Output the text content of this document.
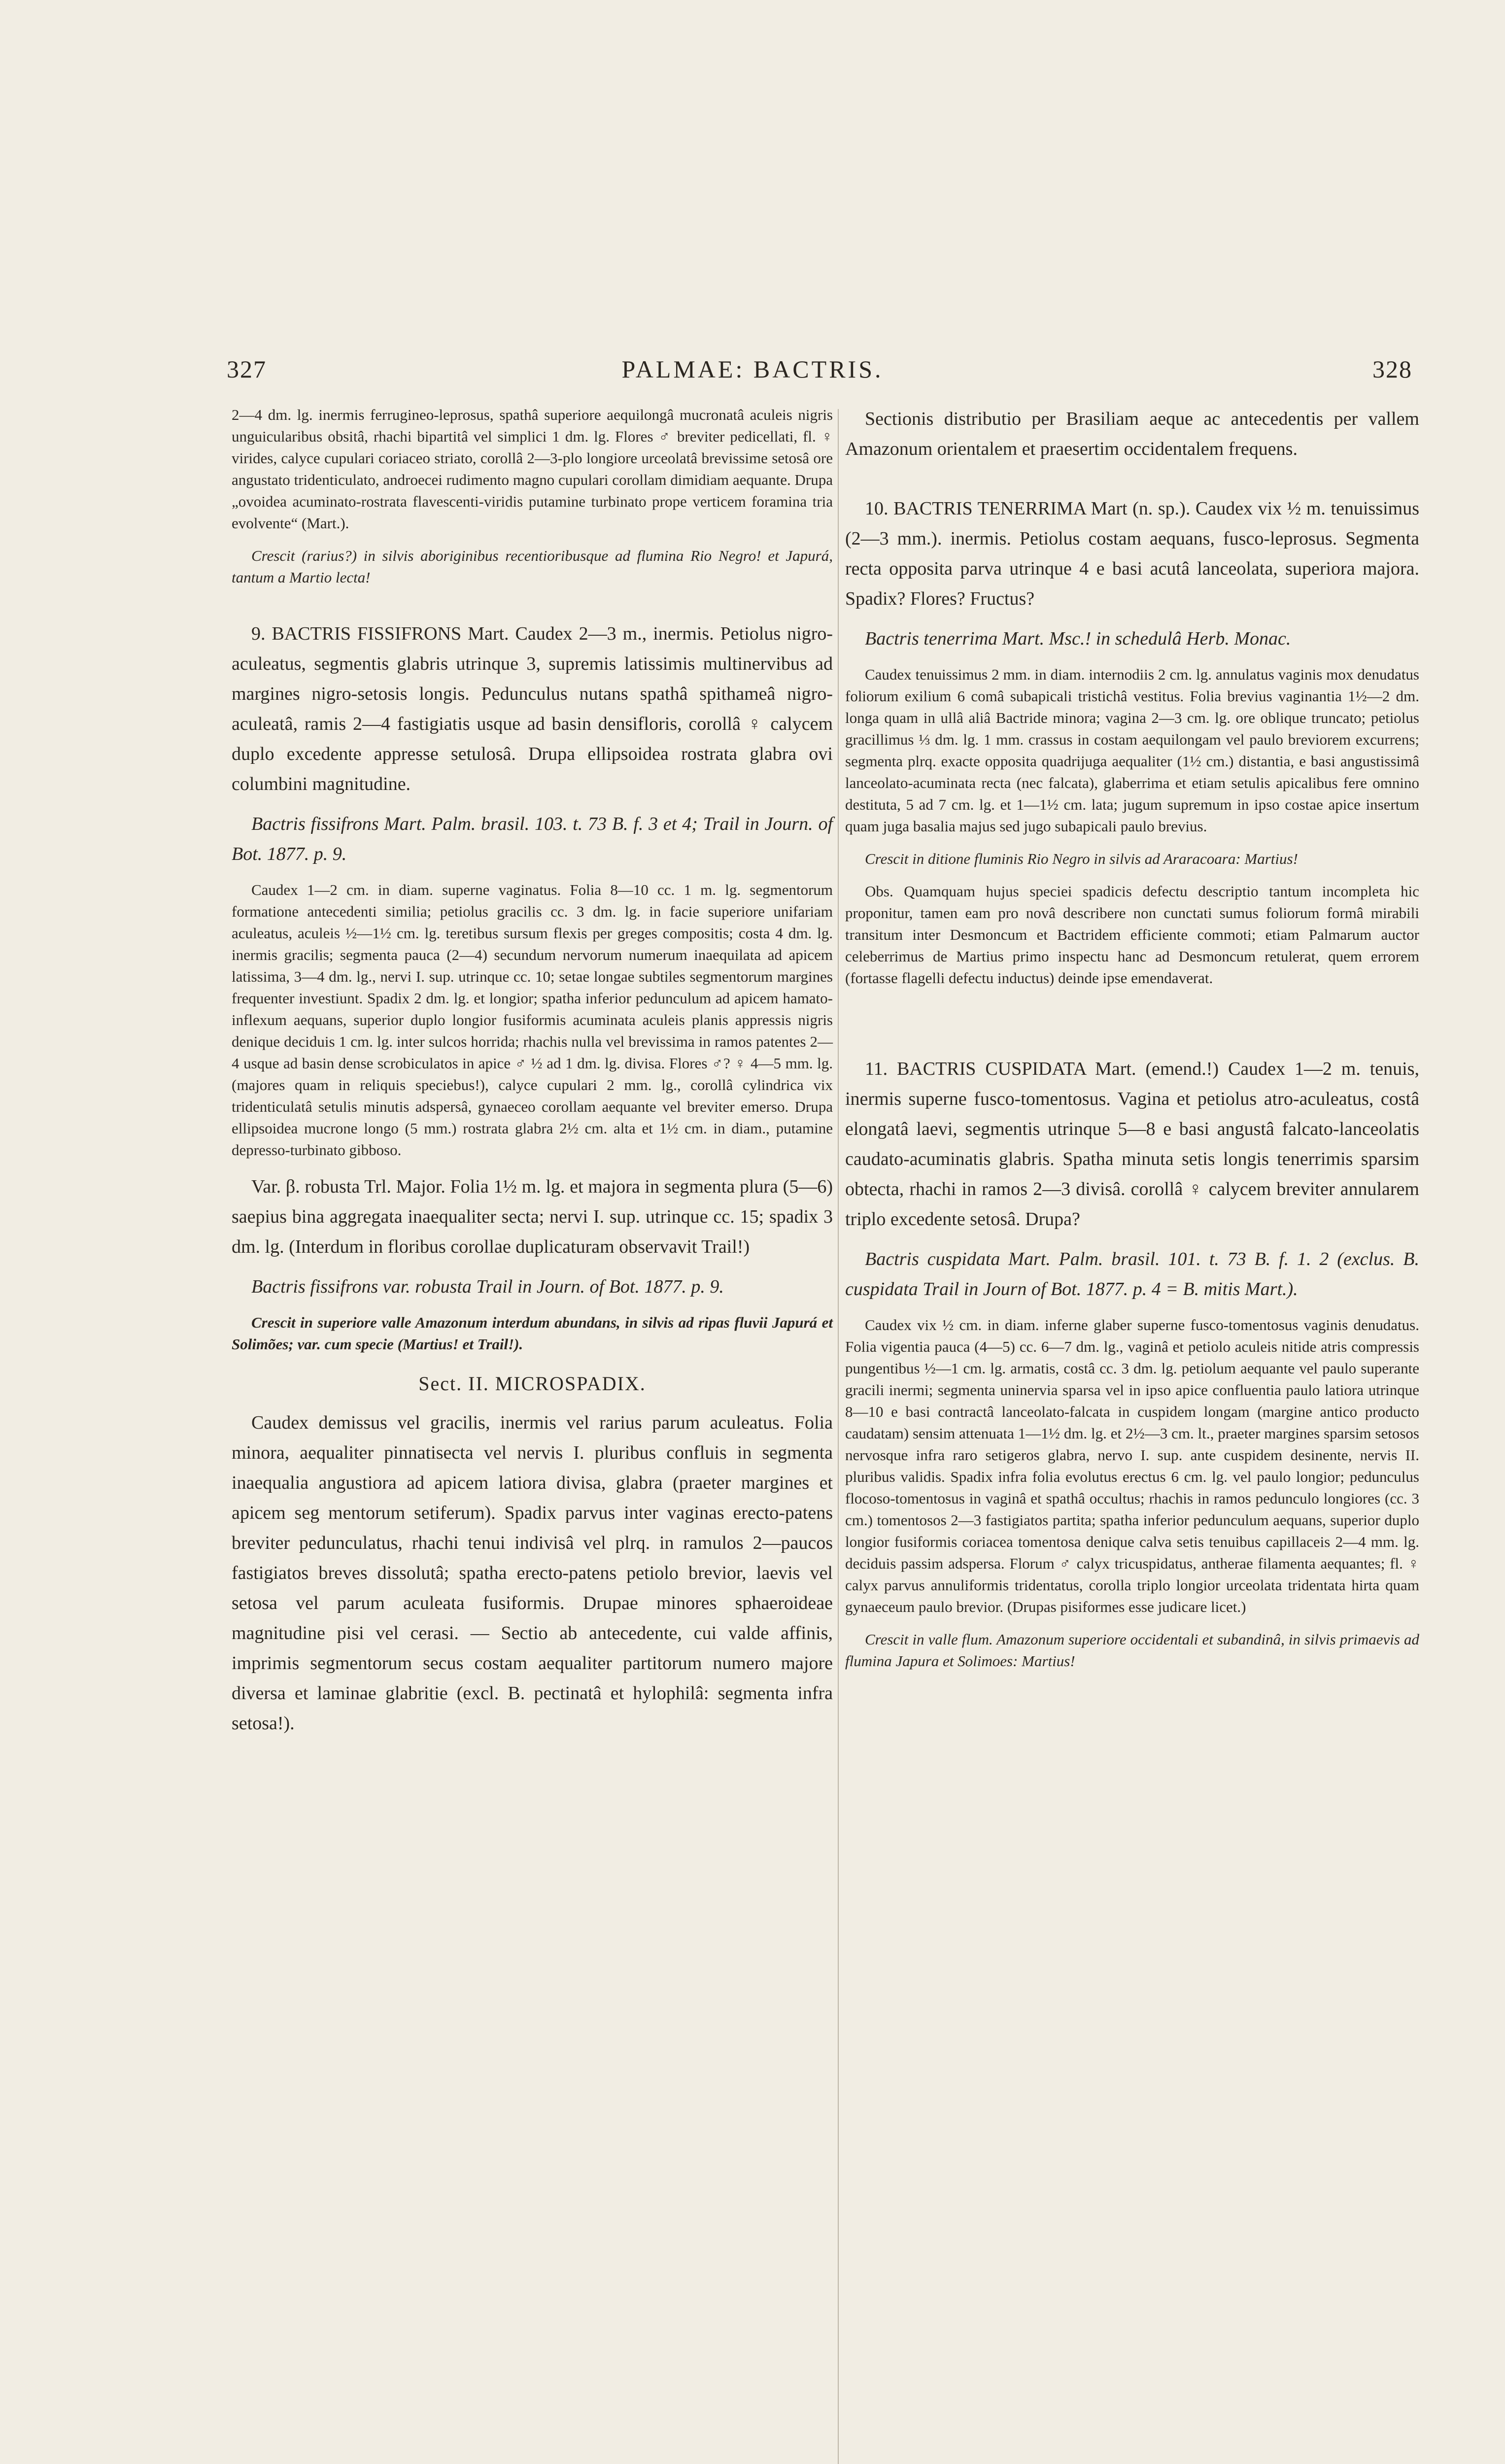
327	PALMAE: BACTRIS.	328

2—4 dm. lg. inermis ferrugineo-leprosus, spathâ superiore aequilongâ mucronatâ aculeis nigris unguicularibus obsitâ, rhachi bipartitâ vel simplici 1 dm. lg. Flores ♂ breviter pedicellati, fl. ♀ virides, calyce cupulari coriaceo striato, corollâ 2—3-plo longiore urceolatâ brevissime setosâ ore angustato tridenticulato, androecei rudimento magno cupulari corollam dimidiam aequante. Drupa „ovoidea acuminato-rostrata flavescenti-viridis putamine turbinato prope verticem foramina tria evolvente“ (Mart.).

Crescit (rarius?) in silvis aboriginibus recentioribusque ad flumina Rio Negro! et Japurá, tantum a Martio lecta!

9. BACTRIS FISSIFRONS Mart. Caudex 2—3 m., inermis. Petiolus nigro-aculeatus, segmentis glabris utrinque 3, supremis latissimis multinervibus ad margines nigro-setosis longis. Pedunculus nutans spathâ spithameâ nigro-aculeatâ, ramis 2—4 fastigiatis usque ad basin densifloris, corollâ ♀ calycem duplo excedente appresse setulosâ. Drupa ellipsoidea rostrata glabra ovi columbini magnitudine.

Bactris fissifrons Mart. Palm. brasil. 103. t. 73 B. f. 3 et 4; Trail in Journ. of Bot. 1877. p. 9.

Caudex 1—2 cm. in diam. superne vaginatus. Folia 8—10 cc. 1 m. lg. segmentorum formatione antecedenti similia; petiolus gracilis cc. 3 dm. lg. in facie superiore unifariam aculeatus, aculeis ½—1½ cm. lg. teretibus sursum flexis per greges compositis; costa 4 dm. lg. inermis gracilis; segmenta pauca (2—4) secundum nervorum numerum inaequilata ad apicem latissima, 3—4 dm. lg., nervi I. sup. utrinque cc. 10; setae longae subtiles segmentorum margines frequenter investiunt. Spadix 2 dm. lg. et longior; spatha inferior pedunculum ad apicem hamato-inflexum aequans, superior duplo longior fusiformis acuminata aculeis planis appressis nigris denique deciduis 1 cm. lg. inter sulcos horrida; rhachis nulla vel brevissima in ramos patentes 2—4 usque ad basin dense scrobiculatos in apice ♂ ½ ad 1 dm. lg. divisa. Flores ♂? ♀ 4—5 mm. lg. (majores quam in reliquis speciebus!), calyce cupulari 2 mm. lg., corollâ cylindrica vix tridenticulatâ setulis minutis adspersâ, gynaeceo corollam aequante vel breviter emerso. Drupa ellipsoidea mucrone longo (5 mm.) rostrata glabra 2½ cm. alta et 1½ cm. in diam., putamine depresso-turbinato gibboso.

Var. β. robusta Trl. Major. Folia 1½ m. lg. et majora in segmenta plura (5—6) saepius bina aggregata inaequaliter secta; nervi I. sup. utrinque cc. 15; spadix 3 dm. lg. (Interdum in floribus corollae duplicaturam observavit Trail!)

Bactris fissifrons var. robusta Trail in Journ. of Bot. 1877. p. 9.

Crescit in superiore valle Amazonum interdum abundans, in silvis ad ripas fluvii Japurá et Solimões; var. cum specie (Martius! et Trail!).

Sect. II. MICROSPADIX.

Caudex demissus vel gracilis, inermis vel rarius parum aculeatus. Folia minora, aequaliter pinnatisecta vel nervis I. pluribus confluis in segmenta inaequalia angustiora ad apicem latiora divisa, glabra (praeter margines et apicem seg mentorum setiferum). Spadix parvus inter vaginas erecto-patens breviter pedunculatus, rhachi tenui indivisâ vel plrq. in ramulos 2—paucos fastigiatos breves dissolutâ; spatha erecto-patens petiolo brevior, laevis vel setosa vel parum aculeata fusiformis. Drupae minores sphaeroideae magnitudine pisi vel cerasi. — Sectio ab antecedente, cui valde affinis, imprimis segmentorum secus costam aequaliter partitorum numero majore diversa et laminae glabritie (excl. B. pectinatâ et hylophilâ: segmenta infra setosa!).

Sectionis distributio per Brasiliam aeque ac antecedentis per vallem Amazonum orientalem et praesertim occidentalem frequens.

10. BACTRIS TENERRIMA Mart (n. sp.). Caudex vix ½ m. tenuissimus (2—3 mm.). inermis. Petiolus costam aequans, fusco-leprosus. Segmenta recta opposita parva utrinque 4 e basi acutâ lanceolata, superiora majora. Spadix? Flores? Fructus?

Bactris tenerrima Mart. Msc.! in schedulâ Herb. Monac.

Caudex tenuissimus 2 mm. in diam. internodiis 2 cm. lg. annulatus vaginis mox denudatus foliorum exilium 6 comâ subapicali tristichâ vestitus. Folia brevius vaginantia 1½—2 dm. longa quam in ullâ aliâ Bactride minora; vagina 2—3 cm. lg. ore oblique truncato; petiolus gracillimus ⅓ dm. lg. 1 mm. crassus in costam aequilongam vel paulo breviorem excurrens; segmenta plrq. exacte opposita quadrijuga aequaliter (1½ cm.) distantia, e basi angustissimâ lanceolato-acuminata recta (nec falcata), glaberrima et etiam setulis apicalibus fere omnino destituta, 5 ad 7 cm. lg. et 1—1½ cm. lata; jugum supremum in ipso costae apice insertum quam juga basalia majus sed jugo subapicali paulo brevius.

Crescit in ditione fluminis Rio Negro in silvis ad Araracoara: Martius!

Obs. Quamquam hujus speciei spadicis defectu descriptio tantum incompleta hic proponitur, tamen eam pro novâ describere non cunctati sumus foliorum formâ mirabili transitum inter Desmoncum et Bactridem efficiente commoti; etiam Palmarum auctor celeberrimus de Martius primo inspectu hanc ad Desmoncum retulerat, quem errorem (fortasse flagelli defectu inductus) deinde ipse emendaverat.

11. BACTRIS CUSPIDATA Mart. (emend.!) Caudex 1—2 m. tenuis, inermis superne fusco-tomentosus. Vagina et petiolus atro-aculeatus, costâ elongatâ laevi, segmentis utrinque 5—8 e basi angustâ falcato-lanceolatis caudato-acuminatis glabris. Spatha minuta setis longis tenerrimis sparsim obtecta, rhachi in ramos 2—3 divisâ. corollâ ♀ calycem breviter annularem triplo excedente setosâ. Drupa?

Bactris cuspidata Mart. Palm. brasil. 101. t. 73 B. f. 1. 2 (exclus. B. cuspidata Trail in Journ of Bot. 1877. p. 4 = B. mitis Mart.).

Caudex vix ½ cm. in diam. inferne glaber superne fusco-tomentosus vaginis denudatus. Folia vigentia pauca (4—5) cc. 6—7 dm. lg., vaginâ et petiolo aculeis nitide atris compressis pungentibus ½—1 cm. lg. armatis, costâ cc. 3 dm. lg. petiolum aequante vel paulo superante gracili inermi; segmenta uninervia sparsa vel in ipso apice confluentia paulo latiora utrinque 8—10 e basi contractâ lanceolato-falcata in cuspidem longam (margine antico producto caudatam) sensim attenuata 1—1½ dm. lg. et 2½—3 cm. lt., praeter margines sparsim setosos nervosque infra raro setigeros glabra, nervo I. sup. ante cuspidem desinente, nervis II. pluribus validis. Spadix infra folia evolutus erectus 6 cm. lg. vel paulo longior; pedunculus flocoso-tomentosus in vaginâ et spathâ occultus; rhachis in ramos pedunculo longiores (cc. 3 cm.) tomentosos 2—3 fastigiatos partita; spatha inferior pedunculum aequans, superior duplo longior fusiformis coriacea tomentosa denique calva setis tenuibus capillaceis 2—4 mm. lg. deciduis passim adspersa. Florum ♂ calyx tricuspidatus, antherae filamenta aequantes; fl. ♀ calyx parvus annuliformis tridentatus, corolla triplo longior urceolata tridentata hirta quam gynaeceum paulo brevior. (Drupas pisiformes esse judicare licet.)

Crescit in valle flum. Amazonum superiore occidentali et subandinâ, in silvis primaevis ad flumina Japura et Solimoes: Martius!
